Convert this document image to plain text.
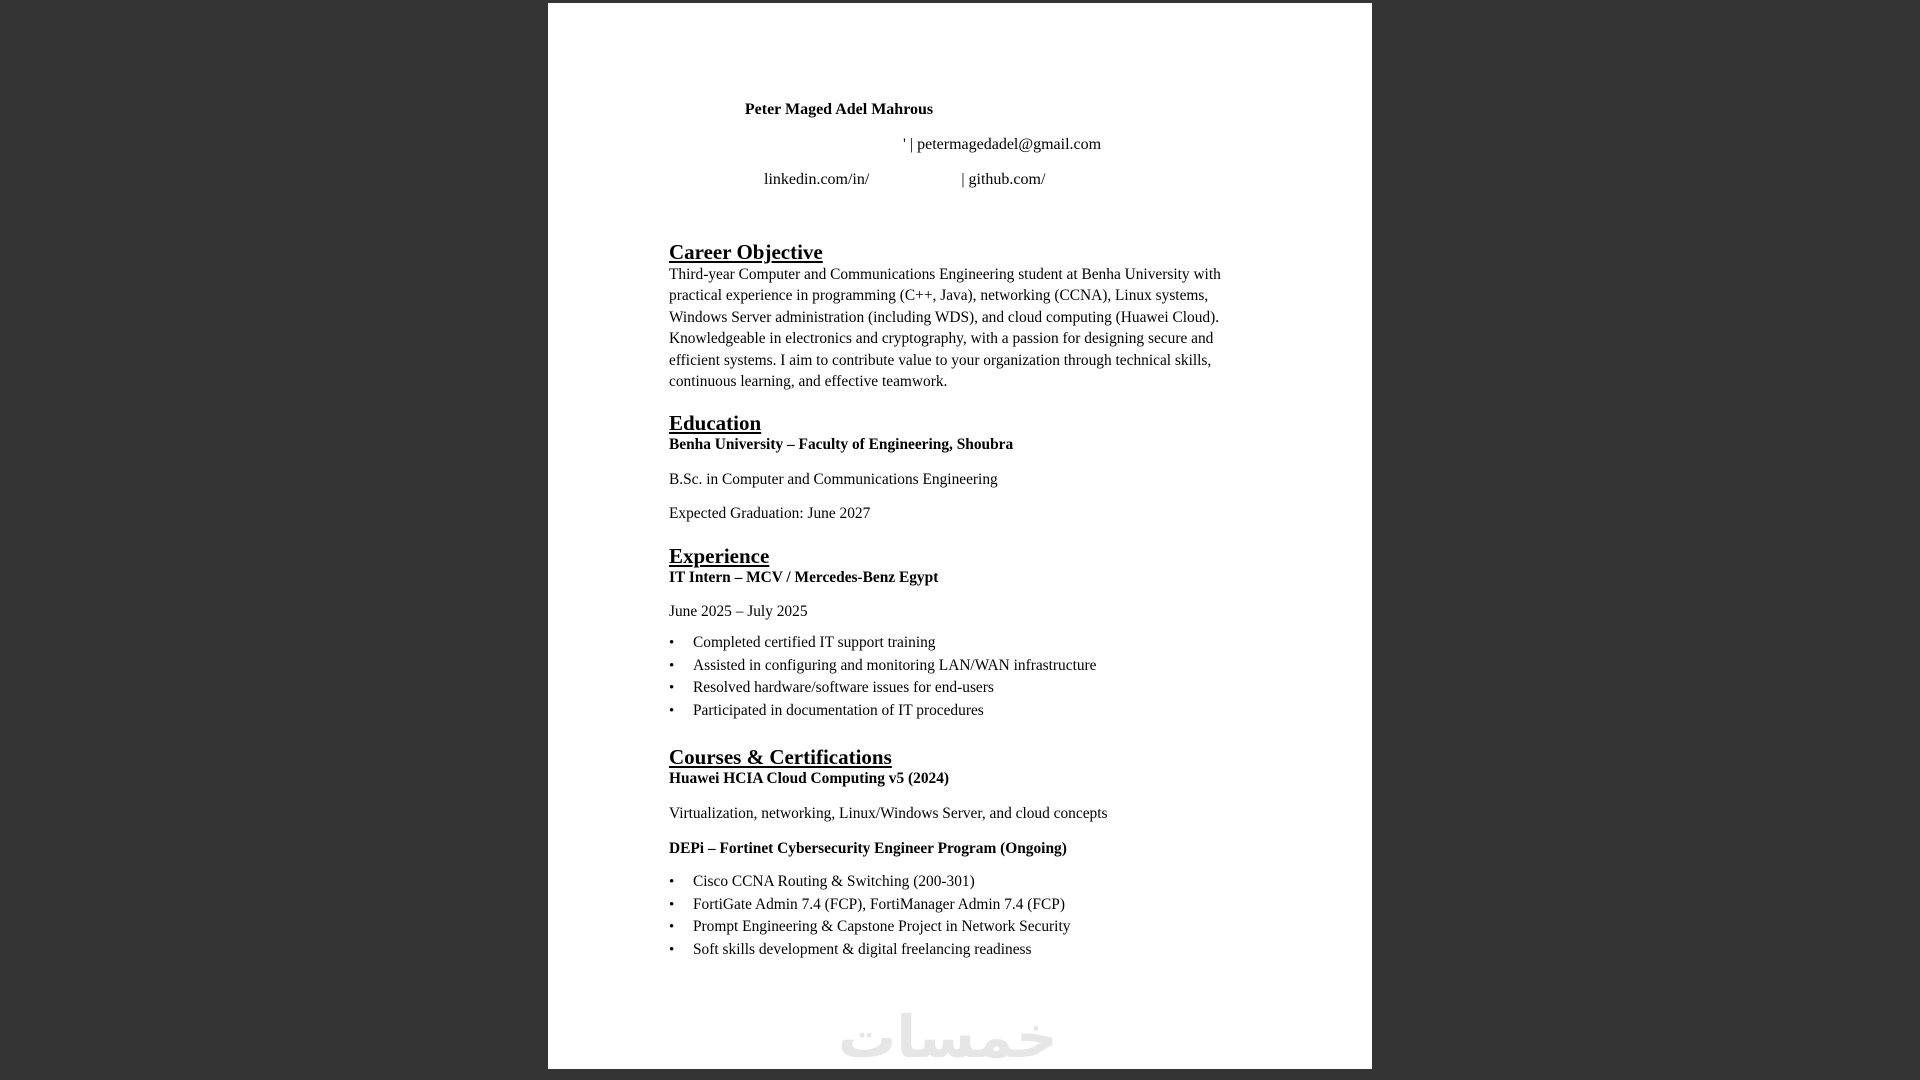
Peter Maged Adel Mahrous
' | petermagedadel@gmail.com
linkedin.com/in/	| github.com/
Career Objective
Third-year Computer and Communications Engineering student at Benha University with practical experience in programming (C++, Java), networking (CCNA), Linux systems, Windows Server administration (including WDS), and cloud computing (Huawei Cloud). Knowledgeable in electronics and cryptography, with a passion for designing secure and efficient systems. I aim to contribute value to your organization through technical skills, continuous learning, and effective teamwork.
Education
Benha University – Faculty of Engineering, Shoubra
B.Sc. in Computer and Communications Engineering
Expected Graduation: June 2027
Experience
IT Intern – MCV / Mercedes-Benz Egypt
June 2025 – July 2025
• Completed certified IT support training
• Assisted in configuring and monitoring LAN/WAN infrastructure
• Resolved hardware/software issues for end-users
• Participated in documentation of IT procedures
Courses & Certifications
Huawei HCIA Cloud Computing v5 (2024)
Virtualization, networking, Linux/Windows Server, and cloud concepts
DEPi – Fortinet Cybersecurity Engineer Program (Ongoing)
• Cisco CCNA Routing & Switching (200-301)
• FortiGate Admin 7.4 (FCP), FortiManager Admin 7.4 (FCP)
• Prompt Engineering & Capstone Project in Network Security
• Soft skills development & digital freelancing readiness
خمسات
